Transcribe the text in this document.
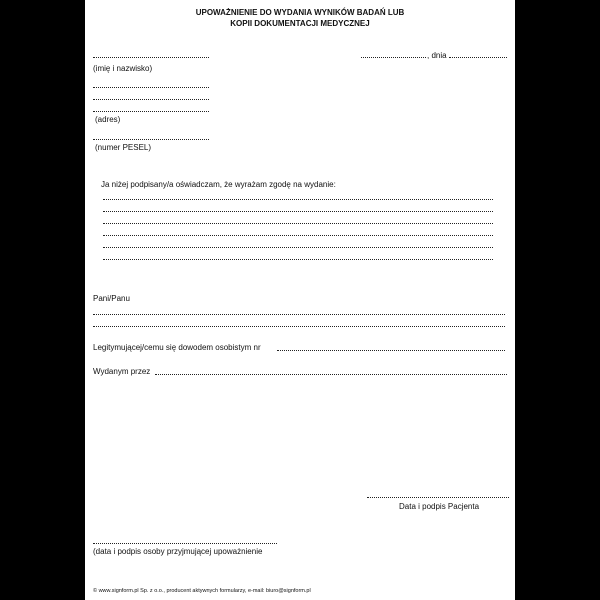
UPOWAŻNIENIE DO WYDANIA WYNIKÓW BADAŃ LUB
KOPII DOKUMENTACJI MEDYCZNEJ
, dnia
(imię i nazwisko)
(adres)
(numer PESEL)
Ja niżej podpisany/a oświadczam, że wyrażam zgodę na wydanie:
Pani/Panu
Legitymującej/cemu się dowodem osobistym nr
Wydanym przez
Data i podpis Pacjenta
(data i podpis osoby przyjmującej upoważnienie
© www.signform.pl Sp. z o.o., producent aktywnych formularzy, e-mail: biuro@signform.pl
